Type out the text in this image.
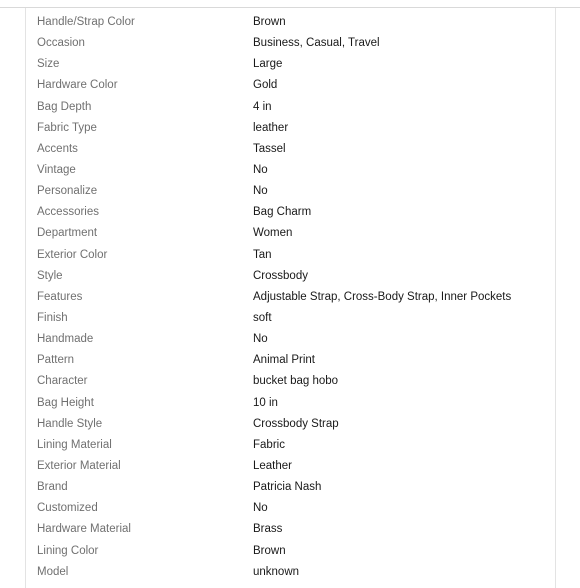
Handle/Strap Color	Brown
Occasion	Business, Casual, Travel
Size	Large
Hardware Color	Gold
Bag Depth	4 in
Fabric Type	leather
Accents	Tassel
Vintage	No
Personalize	No
Accessories	Bag Charm
Department	Women
Exterior Color	Tan
Style	Crossbody
Features	Adjustable Strap, Cross-Body Strap, Inner Pockets
Finish	soft
Handmade	No
Pattern	Animal Print
Character	bucket bag hobo
Bag Height	10 in
Handle Style	Crossbody Strap
Lining Material	Fabric
Exterior Material	Leather
Brand	Patricia Nash
Customized	No
Hardware Material	Brass
Lining Color	Brown
Model	unknown
